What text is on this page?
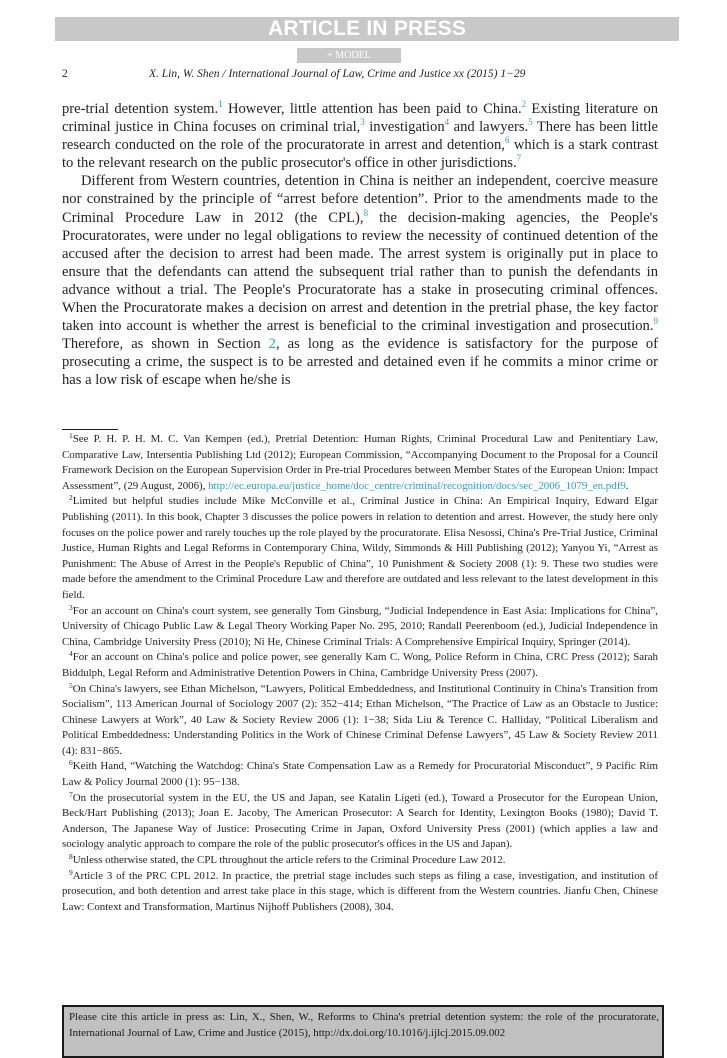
ARTICLE IN PRESS
+ MODEL
2	X. Lin, W. Shen / International Journal of Law, Crime and Justice xx (2015) 1−29

pre-trial detention system.$^1$ However, little attention has been paid to China.$^2$ Existing literature on criminal justice in China focuses on criminal trial,$^3$ investigation$^4$ and lawyers.$^5$ There has been little research conducted on the role of the procuratorate in arrest and detention,$^6$ which is a stark contrast to the relevant research on the public prosecutor's office in other jurisdictions.$^7$

Different from Western countries, detention in China is neither an independent, coercive measure nor constrained by the principle of “arrest before detention”. Prior to the amendments made to the Criminal Procedure Law in 2012 (the CPL),$^8$ the decision-making agencies, the People's Procuratorates, were under no legal obligations to review the necessity of continued detention of the accused after the decision to arrest had been made. The arrest system is originally put in place to ensure that the defendants can attend the subsequent trial rather than to punish the defendants in advance without a trial. The People's Procuratorate has a stake in prosecuting criminal offences. When the Procuratorate makes a decision on arrest and detention in the pretrial phase, the key factor taken into account is whether the arrest is beneficial to the criminal investigation and prosecution.$^9$ Therefore, as shown in Section 2, as long as the evidence is satisfactory for the purpose of prosecuting a crime, the suspect is to be arrested and detained even if he commits a minor crime or has a low risk of escape when he/she is

$^1$See P. H. P. H. M. C. Van Kempen (ed.), Pretrial Detention: Human Rights, Criminal Procedural Law and Penitentiary Law, Comparative Law, Intersentia Publishing Ltd (2012); European Commission, “Accompanying Document to the Proposal for a Council Framework Decision on the European Supervision Order in Pre-trial Procedures between Member States of the European Union: Impact Assessment”, (29 August, 2006), http://ec.europa.eu/justice_home/doc_centre/criminal/recognition/docs/sec_2006_1079_en.pdf9.

$^2$Limited but helpful studies include Mike McConville et al., Criminal Justice in China: An Empirical Inquiry, Edward Elgar Publishing (2011). In this book, Chapter 3 discusses the police powers in relation to detention and arrest. However, the study here only focuses on the police power and rarely touches up the role played by the procuratorate. Elisa Nesossi, China's Pre-Trial Justice, Criminal Justice, Human Rights and Legal Reforms in Contemporary China, Wildy, Simmonds & Hill Publishing (2012); Yanyou Yi, “Arrest as Punishment: The Abuse of Arrest in the People's Republic of China”, 10 Punishment & Society 2008 (1): 9. These two studies were made before the amendment to the Criminal Procedure Law and therefore are outdated and less relevant to the latest development in this field.

$^3$For an account on China's court system, see generally Tom Ginsburg, “Judicial Independence in East Asia: Implications for China”, University of Chicago Public Law & Legal Theory Working Paper No. 295, 2010; Randall Peerenboom (ed.), Judicial Independence in China, Cambridge University Press (2010); Ni He, Chinese Criminal Trials: A Comprehensive Empirical Inquiry, Springer (2014).

$^4$For an account on China's police and police power, see generally Kam C. Wong, Police Reform in China, CRC Press (2012); Sarah Biddulph, Legal Reform and Administrative Detention Powers in China, Cambridge University Press (2007).

$^5$On China's lawyers, see Ethan Michelson, “Lawyers, Political Embeddedness, and Institutional Continuity in China's Transition from Socialism”, 113 American Journal of Sociology 2007 (2): 352−414; Ethan Michelson, “The Practice of Law as an Obstacle to Justice: Chinese Lawyers at Work”, 40 Law & Society Review 2006 (1): 1−38; Sida Liu & Terence C. Halliday, “Political Liberalism and Political Embeddedness: Understanding Politics in the Work of Chinese Criminal Defense Lawyers”, 45 Law & Society Review 2011 (4): 831−865.

$^6$Keith Hand, “Watching the Watchdog: China's State Compensation Law as a Remedy for Procuratorial Misconduct”, 9 Pacific Rim Law & Policy Journal 2000 (1): 95−138.

$^7$On the prosecutorial system in the EU, the US and Japan, see Katalin Ligeti (ed.), Toward a Prosecutor for the European Union, Beck/Hart Publishing (2013); Joan E. Jacoby, The American Prosecutor: A Search for Identity, Lexington Books (1980); David T. Anderson, The Japanese Way of Justice: Prosecuting Crime in Japan, Oxford University Press (2001) (which applies a law and sociology analytic approach to compare the role of the public prosecutor's offices in the US and Japan).

$^8$Unless otherwise stated, the CPL throughout the article refers to the Criminal Procedure Law 2012.

$^9$Article 3 of the PRC CPL 2012. In practice, the pretrial stage includes such steps as filing a case, investigation, and institution of prosecution, and both detention and arrest take place in this stage, which is different from the Western countries. Jianfu Chen, Chinese Law: Context and Transformation, Martinus Nijhoff Publishers (2008), 304.

Please cite this article in press as: Lin, X., Shen, W., Reforms to China's pretrial detention system: the role of the procuratorate, International Journal of Law, Crime and Justice (2015), http://dx.doi.org/10.1016/j.ijlcj.2015.09.002
